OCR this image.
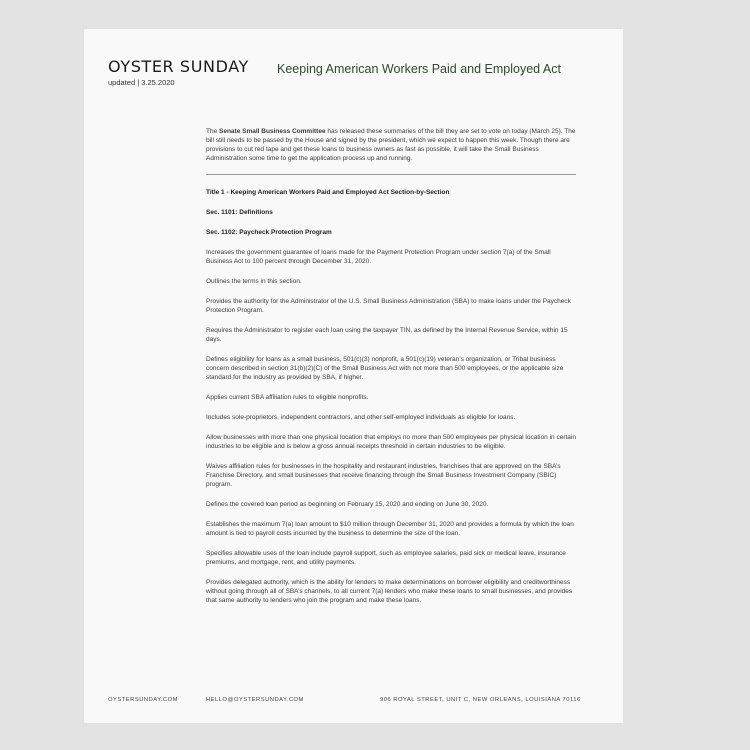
OYSTER SUNDAY
updated | 3.25.2020
Keeping American Workers Paid and Employed Act

The Senate Small Business Committee has released these summaries of the bill they are set to vote on today (March 25). The bill still needs to be passed by the House and signed by the president, which we expect to happen this week. Though there are provisions to cut red tape and get these loans to business owners as fast as possible, it will take the Small Business Administration some time to get the application process up and running.

Title 1 - Keeping American Workers Paid and Employed Act Section-by-Section

Sec. 1101: Definitions

Sec. 1102: Paycheck Protection Program

Increases the government guarantee of loans made for the Payment Protection Program under section 7(a) of the Small Business Act to 100 percent through December 31, 2020.

Outlines the terms in this section.

Provides the authority for the Administrator of the U.S. Small Business Administration (SBA) to make loans under the Paycheck Protection Program.

Requires the Administrator to register each loan using the taxpayer TIN, as defined by the Internal Revenue Service, within 15 days.

Defines eligibility for loans as a small business, 501(c)(3) nonprofit, a 501(c)(19) veteran’s organization, or Tribal business concern described in section 31(b)(2)(C) of the Small Business Act with not more than 500 employees, or the applicable size standard for the industry as provided by SBA, if higher.

Applies current SBA affiliation rules to eligible nonprofits.

Includes sole-proprietors, independent contractors, and other self-employed individuals as eligible for loans.

Allow businesses with more than one physical location that employs no more than 500 employees per physical location in certain industries to be eligible and is below a gross annual receipts threshold in certain industries to be eligible.

Waives affiliation rules for businesses in the hospitality and restaurant industries, franchises that are approved on the SBA’s Franchise Directory, and small businesses that receive financing through the Small Business Investment Company (SBIC) program.

Defines the covered loan period as beginning on February 15, 2020 and ending on June 30, 2020.

Establishes the maximum 7(a) loan amount to $10 million through December 31, 2020 and provides a formula by which the loan amount is tied to payroll costs incurred by the business to determine the size of the loan.

Specifies allowable uses of the loan include payroll support, such as employee salaries, paid sick or medical leave, insurance premiums, and mortgage, rent, and utility payments.

Provides delegated authority, which is the ability for lenders to make determinations on borrower eligibility and creditworthiness without going through all of SBA’s channels, to all current 7(a) lenders who make these loans to small businesses, and provides that same authority to lenders who join the program and make these loans.

OYSTERSUNDAY.COM	HELLO@OYSTERSUNDAY.COM	906 ROYAL STREET, UNIT C, NEW ORLEANS, LOUISIANA 70116
